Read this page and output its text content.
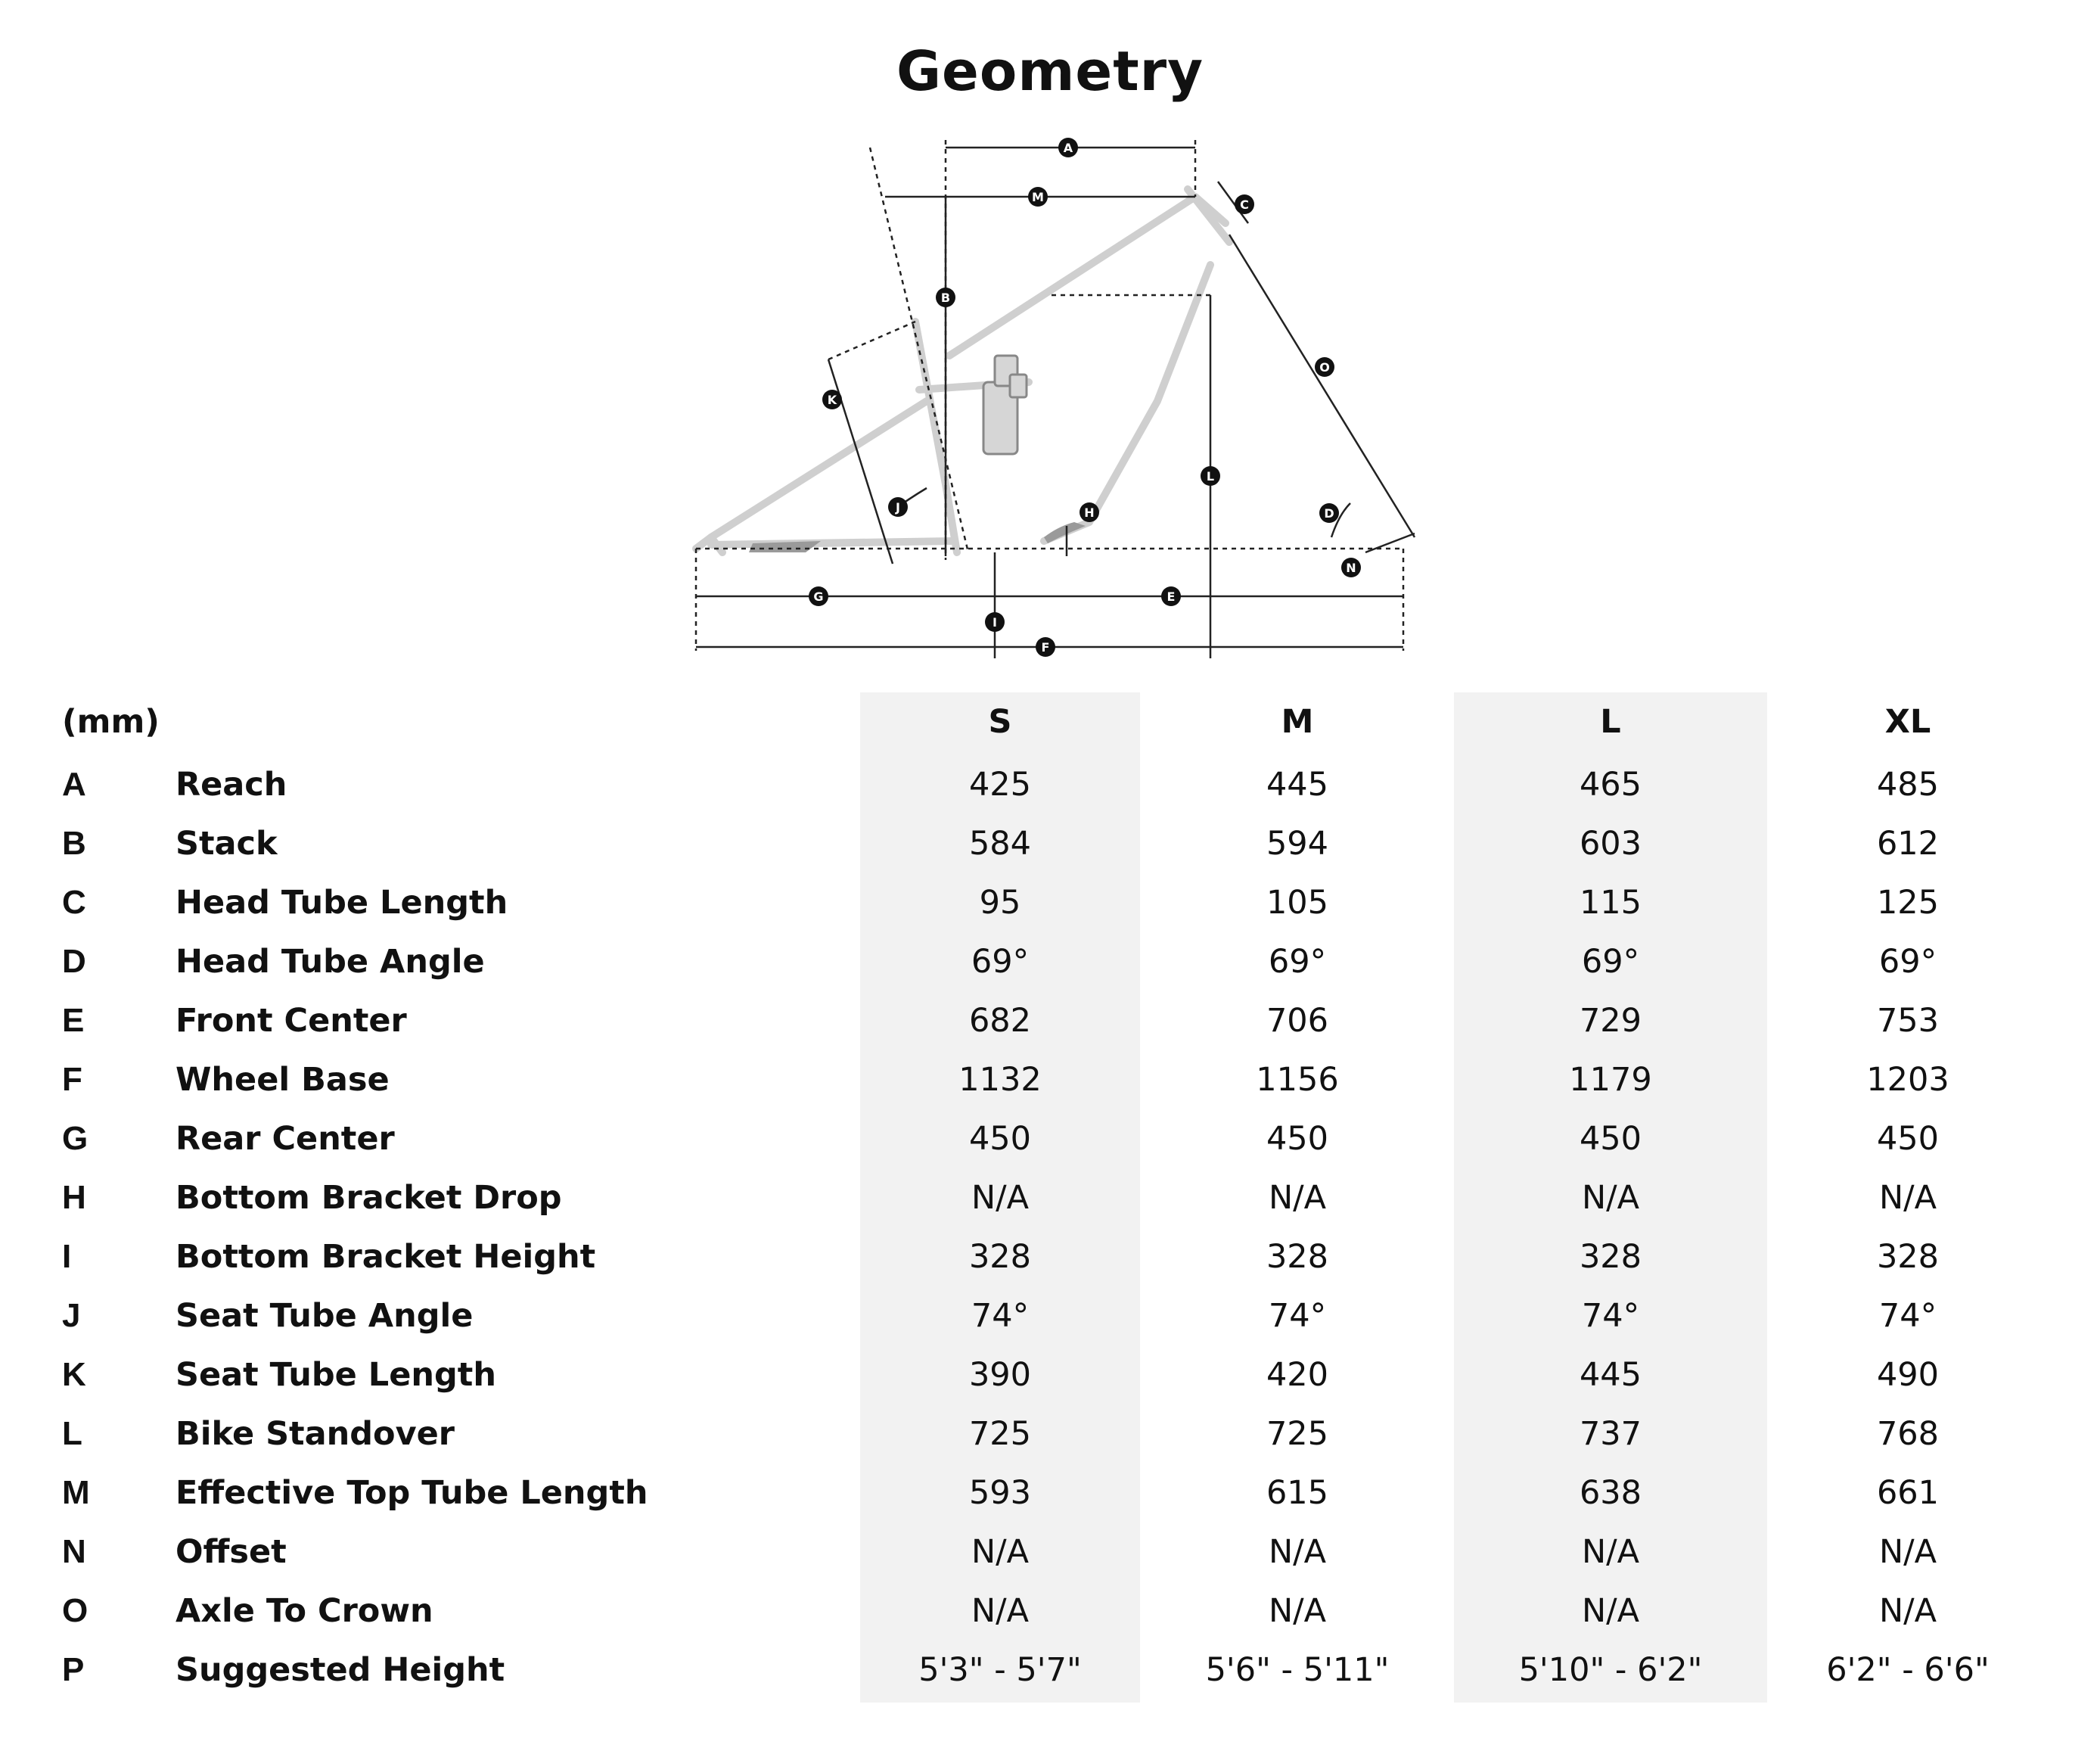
Geometry
A
B
C
D
E
F
G
H
I
J
K
L
M
N
O
(mm)	S	M	L	XL
A	Reach	425	445	465	485
B	Stack	584	594	603	612
C	Head Tube Length	95	105	115	125
D	Head Tube Angle	69°	69°	69°	69°
E	Front Center	682	706	729	753
F	Wheel Base	1132	1156	1179	1203
G	Rear Center	450	450	450	450
H	Bottom Bracket Drop	N/A	N/A	N/A	N/A
I	Bottom Bracket Height	328	328	328	328
J	Seat Tube Angle	74°	74°	74°	74°
K	Seat Tube Length	390	420	445	490
L	Bike Standover	725	725	737	768
M	Effective Top Tube Length	593	615	638	661
N	Offset	N/A	N/A	N/A	N/A
O	Axle To Crown	N/A	N/A	N/A	N/A
P	Suggested Height	5'3" - 5'7"	5'6" - 5'11"	5'10" - 6'2"	6'2" - 6'6"
